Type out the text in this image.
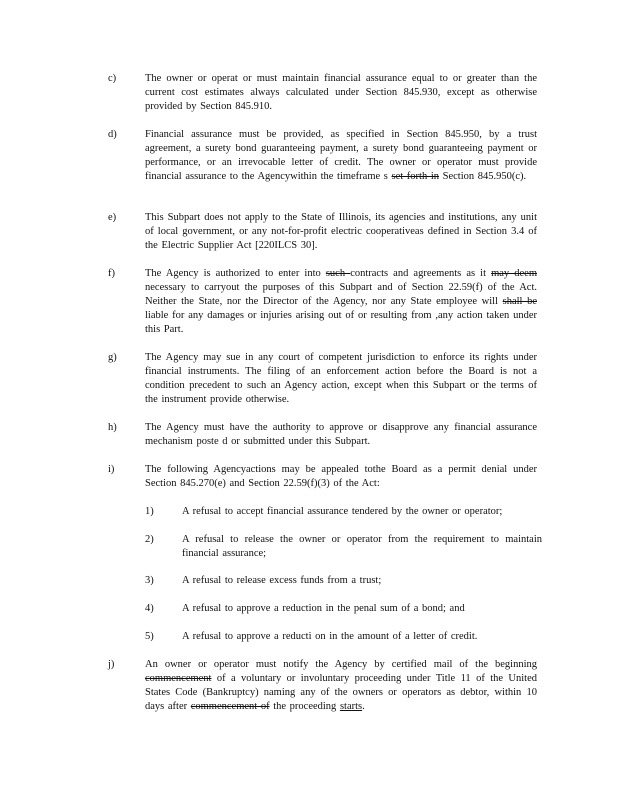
c)	The owner or operat or must maintain financial assurance equal to or greater than the current cost estimates always calculated under Section 845.930, except as otherwise provided by Section 845.910.
d)	Financial assurance must be provided, as specified in Section 845.950, by a trust agreement, a surety bond guaranteeing payment, a surety bond guaranteeing payment or performance, or an irrevocable letter of credit. The owner or operator must provide financial assurance to the Agencywithin the timeframe s set forth in Section 845.950(c).
e)	This Subpart does not apply to the State of Illinois, its agencies and institutions, any unit of local government, or any not-for-profit electric cooperativeas defined in Section 3.4 of the Electric Supplier Act [220ILCS 30].
f)	The Agency is authorized to enter into such contracts and agreements as it may deem necessary to carryout the purposes of this Subpart and of Section 22.59(f) of the Act. Neither the State, nor the Director of the Agency, nor any State employee will shall be liable for any damages or injuries arising out of or resulting from ,any action taken under this Part.
g)	The Agency may sue in any court of competent jurisdiction to enforce its rights under financial instruments. The filing of an enforcement action before the Board is not a condition precedent to such an Agency action, except when this Subpart or the terms of the instrument provide otherwise.
h)	The Agency must have the authority to approve or disapprove any financial assurance mechanism poste d or submitted under this Subpart.
i)	The following Agencyactions may be appealed tothe Board as a permit denial under Section 845.270(e) and Section 22.59(f)(3) of the Act:
1)	A refusal to accept financial assurance tendered by the owner or operator;
2)	A refusal to release the owner or operator from the requirement to maintain financial assurance;
3)	A refusal to release excess funds from a trust;
4)	A refusal to approve a reduction in the penal sum of a bond; and
5)	A refusal to approve a reducti on in the amount of a letter of credit.
j)	An owner or operator must notify the Agency by certified mail of the beginning commencement of a voluntary or involuntary proceeding under Title 11 of the United States Code (Bankruptcy) naming any of the owners or operators as debtor, within 10 days after commencement of the proceeding starts.
